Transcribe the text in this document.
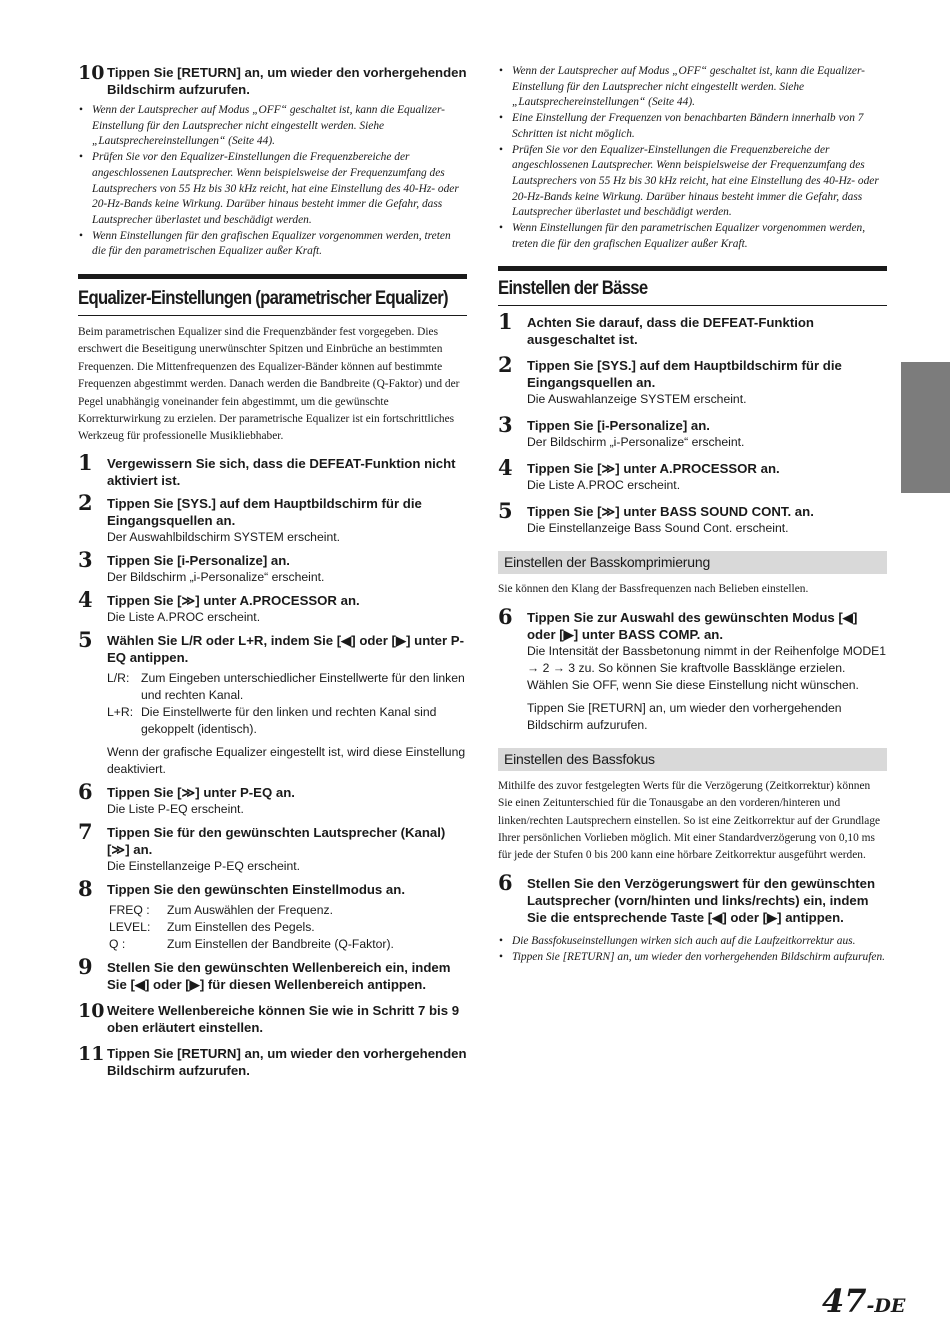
10 Tippen Sie [RETURN] an, um wieder den vorhergehenden Bildschirm aufzurufen.
• Wenn der Lautsprecher auf Modus „OFF“ geschaltet ist, kann die Equalizer-Einstellung für den Lautsprecher nicht eingestellt werden. Siehe „Lautsprechereinstellungen“ (Seite 44).
• Prüfen Sie vor den Equalizer-Einstellungen die Frequenzbereiche der angeschlossenen Lautsprecher. Wenn beispielsweise der Frequenzumfang des Lautsprechers von 55 Hz bis 30 kHz reicht, hat eine Einstellung des 40-Hz- oder 20-Hz-Bands keine Wirkung. Darüber hinaus besteht immer die Gefahr, dass Lautsprecher überlastet und beschädigt werden.
• Wenn Einstellungen für den grafischen Equalizer vorgenommen werden, treten die für den parametrischen Equalizer außer Kraft.
Equalizer-Einstellungen (parametrischer Equalizer)

Beim parametrischen Equalizer sind die Frequenzbänder fest vorgegeben. Dies erschwert die Beseitigung unerwünschter Spitzen und Einbrüche an bestimmten Frequenzen. Die Mittenfrequenzen des Equalizer-Bänder können auf bestimmte Frequenzen abgestimmt werden. Danach werden die Bandbreite (Q-Faktor) und der Pegel unabhängig voneinander fein abgestimmt, um die gewünschte Korrekturwirkung zu erzielen. Der parametrische Equalizer ist ein fortschrittliches Werkzeug für professionelle Musikliebhaber.

1 Vergewissern Sie sich, dass die DEFEAT-Funktion nicht aktiviert ist.
2 Tippen Sie [SYS.] auf dem Hauptbildschirm für die Eingangsquellen an.
Der Auswahlbildschirm SYSTEM erscheint.
3 Tippen Sie [i-Personalize] an.
Der Bildschirm „i-Personalize“ erscheint.
4 Tippen Sie [≫] unter A.PROCESSOR an.
Die Liste A.PROC erscheint.
5 Wählen Sie L/R oder L+R, indem Sie [◀] oder [▶] unter P-EQ antippen.
L/R: Zum Eingeben unterschiedlicher Einstellwerte für den linken und rechten Kanal.
L+R: Die Einstellwerte für den linken und rechten Kanal sind gekoppelt (identisch).
Wenn der grafische Equalizer eingestellt ist, wird diese Einstellung deaktiviert.
6 Tippen Sie [≫] unter P-EQ an.
Die Liste P-EQ erscheint.
7 Tippen Sie für den gewünschten Lautsprecher (Kanal) [≫] an.
Die Einstellanzeige P-EQ erscheint.
8 Tippen Sie den gewünschten Einstellmodus an.
FREQ :	Zum Auswählen der Frequenz.
LEVEL:	Zum Einstellen des Pegels.
Q :	Zum Einstellen der Bandbreite (Q-Faktor).
9 Stellen Sie den gewünschten Wellenbereich ein, indem Sie [◀] oder [▶] für diesen Wellenbereich antippen.
10 Weitere Wellenbereiche können Sie wie in Schritt 7 bis 9 oben erläutert einstellen.
11 Tippen Sie [RETURN] an, um wieder den vorhergehenden Bildschirm aufzurufen.
• Wenn der Lautsprecher auf Modus „OFF“ geschaltet ist, kann die Equalizer-Einstellung für den Lautsprecher nicht eingestellt werden. Siehe „Lautsprechereinstellungen“ (Seite 44).
• Eine Einstellung der Frequenzen von benachbarten Bändern innerhalb von 7 Schritten ist nicht möglich.
• Prüfen Sie vor den Equalizer-Einstellungen die Frequenzbereiche der angeschlossenen Lautsprecher. Wenn beispielsweise der Frequenzumfang des Lautsprechers von 55 Hz bis 30 kHz reicht, hat eine Einstellung des 40-Hz- oder 20-Hz-Bands keine Wirkung. Darüber hinaus besteht immer die Gefahr, dass Lautsprecher überlastet und beschädigt werden.
• Wenn Einstellungen für den parametrischen Equalizer vorgenommen werden, treten die für den grafischen Equalizer außer Kraft.
Einstellen der Bässe
1 Achten Sie darauf, dass die DEFEAT-Funktion ausgeschaltet ist.
2 Tippen Sie [SYS.] auf dem Hauptbildschirm für die Eingangsquellen an.
Die Auswahlanzeige SYSTEM erscheint.
3 Tippen Sie [i-Personalize] an.
Der Bildschirm „i-Personalize“ erscheint.
4 Tippen Sie [≫] unter A.PROCESSOR an.
Die Liste A.PROC erscheint.
5 Tippen Sie [≫] unter BASS SOUND CONT. an.
Die Einstellanzeige Bass Sound Cont. erscheint.
Einstellen der Basskomprimierung

Sie können den Klang der Bassfrequenzen nach Belieben einstellen.

6 Tippen Sie zur Auswahl des gewünschten Modus [◀] oder [▶] unter BASS COMP. an.
Die Intensität der Bassbetonung nimmt in der Reihenfolge MODE1 → 2 → 3 zu. So können Sie kraftvolle Bassklänge erzielen.
Wählen Sie OFF, wenn Sie diese Einstellung nicht wünschen.
Tippen Sie [RETURN] an, um wieder den vorhergehenden Bildschirm aufzurufen.
Einstellen des Bassfokus

Mithilfe des zuvor festgelegten Werts für die Verzögerung (Zeitkorrektur) können Sie einen Zeitunterschied für die Tonausgabe an den vorderen/hinteren und linken/rechten Lautsprechern einstellen. So ist eine Zeitkorrektur auf der Grundlage Ihrer persönlichen Vorlieben möglich. Mit einer Standardverzögerung von 0,10 ms für jede der Stufen 0 bis 200 kann eine hörbare Zeitkorrektur ausgeführt werden.

6 Stellen Sie den Verzögerungswert für den gewünschten Lautsprecher (vorn/hinten und links/rechts) ein, indem Sie die entsprechende Taste [◀] oder [▶] antippen.
• Die Bassfokuseinstellungen wirken sich auch auf die Laufzeitkorrektur aus.
• Tippen Sie [RETURN] an, um wieder den vorhergehenden Bildschirm aufzurufen.
47-DE
